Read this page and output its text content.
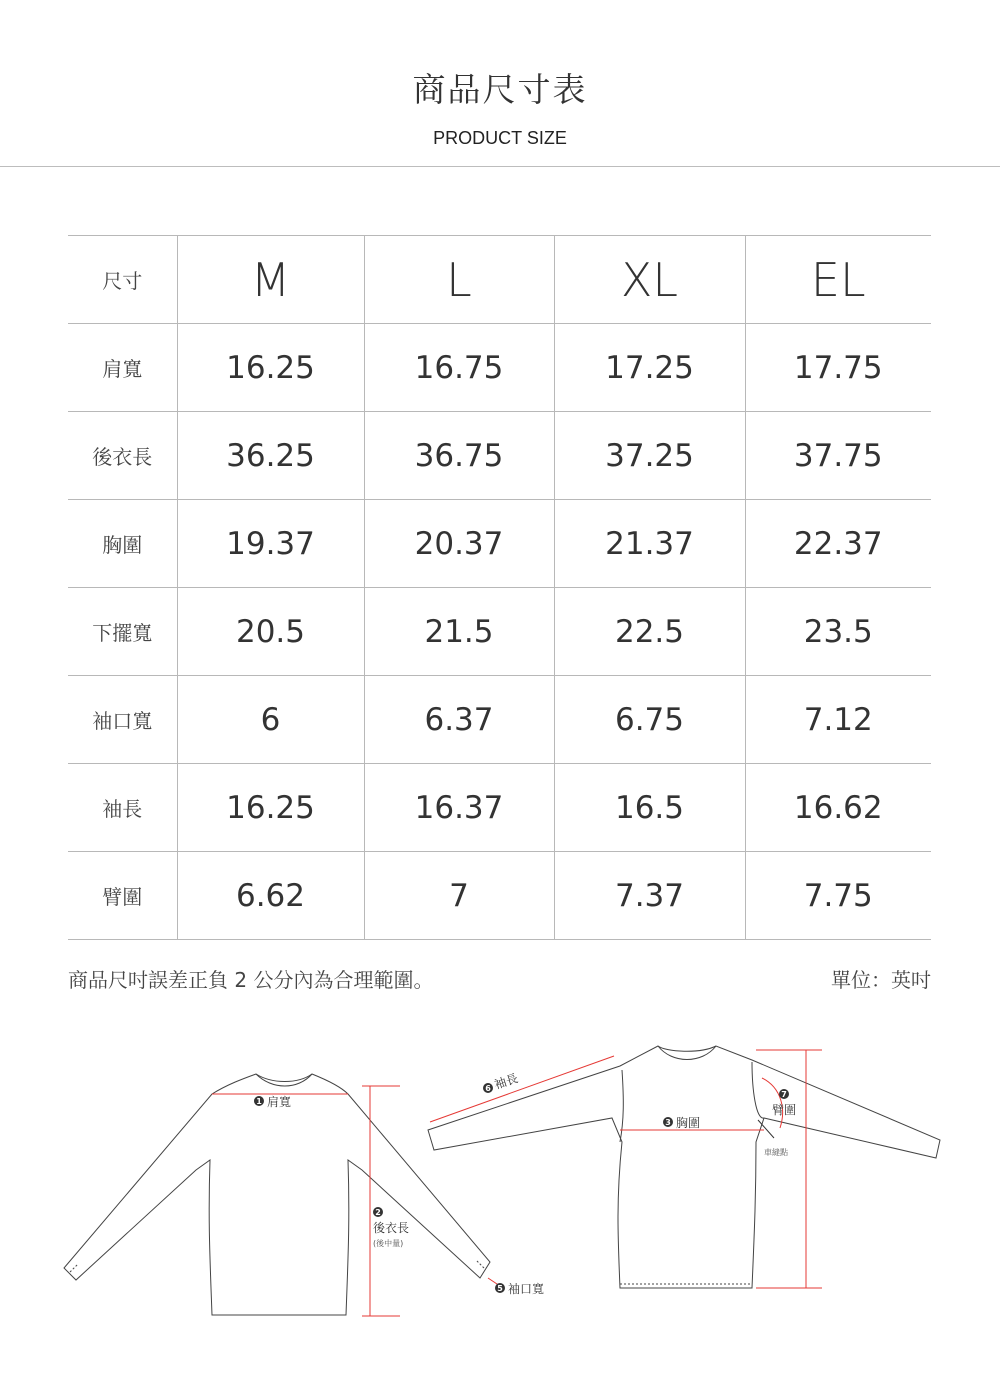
商品尺寸表
PRODUCT SIZE
尺寸	M	L	XL	EL
肩寬	16.25	16.75	17.25	17.75
後衣長	36.25	36.75	37.25	37.75
胸圍	19.37	20.37	21.37	22.37
下擺寬	20.5	21.5	22.5	23.5
袖口寬	6	6.37	6.75	7.12
袖長	16.25	16.37	16.5	16.62
臂圍	6.62	7	7.37	7.75
商品尺吋誤差正負 2 公分內為合理範圍。	單位：英吋
1 肩寬
2
後衣長
(後中量)
3 胸圍
5 袖口寬
6 袖長
7
臂圍
車縫點
